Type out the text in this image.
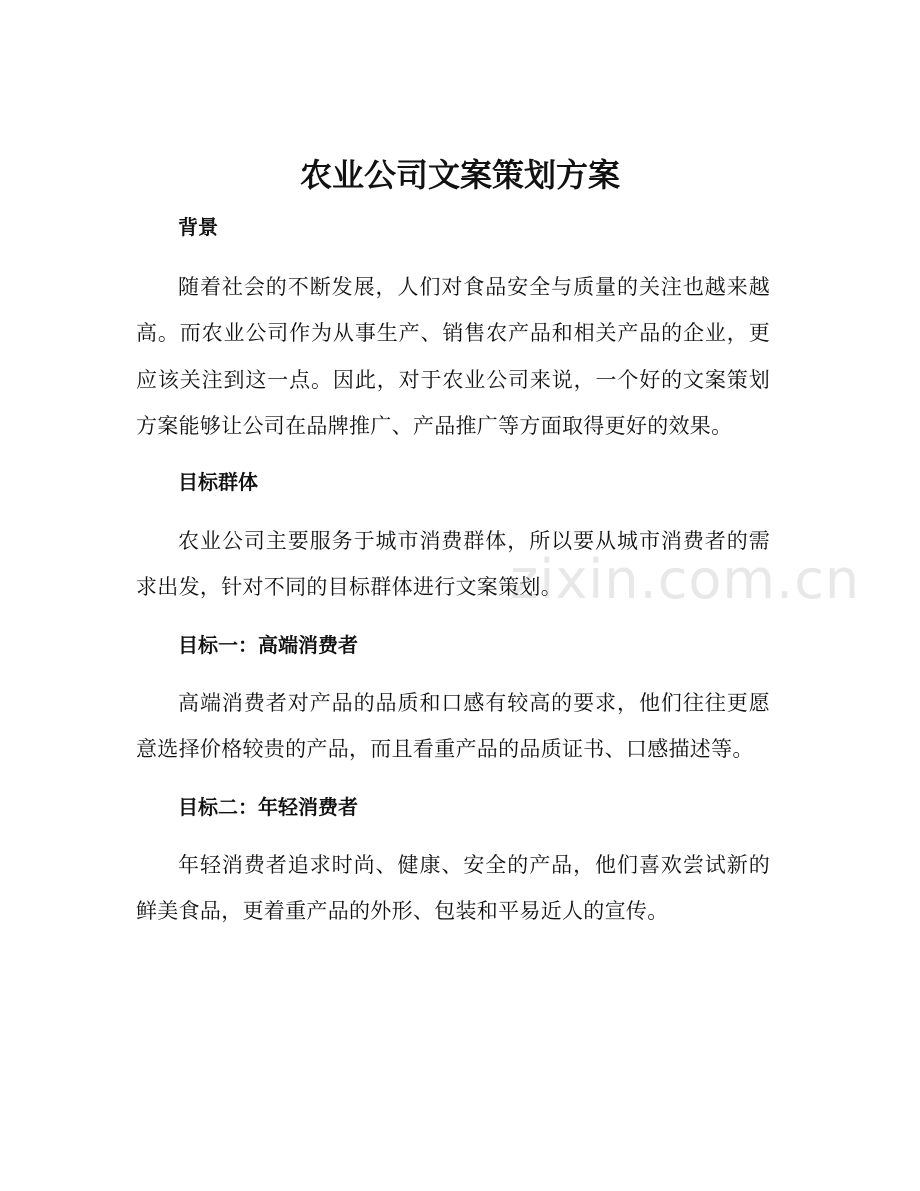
农业公司文案策划方案
背景
随着社会的不断发展，人们对食品安全与质量的关注也越来越高。而农业公司作为从事生产、销售农产品和相关产品的企业，更应该关注到这一点。因此，对于农业公司来说，一个好的文案策划方案能够让公司在品牌推广、产品推广等方面取得更好的效果。
目标群体
农业公司主要服务于城市消费群体，所以要从城市消费者的需求出发，针对不同的目标群体进行文案策划。
目标一：高端消费者
高端消费者对产品的品质和口感有较高的要求，他们往往更愿意选择价格较贵的产品，而且看重产品的品质证书、口感描述等。
目标二：年轻消费者
年轻消费者追求时尚、健康、安全的产品，他们喜欢尝试新的鲜美食品，更着重产品的外形、包装和平易近人的宣传。
zixin.com.cn
